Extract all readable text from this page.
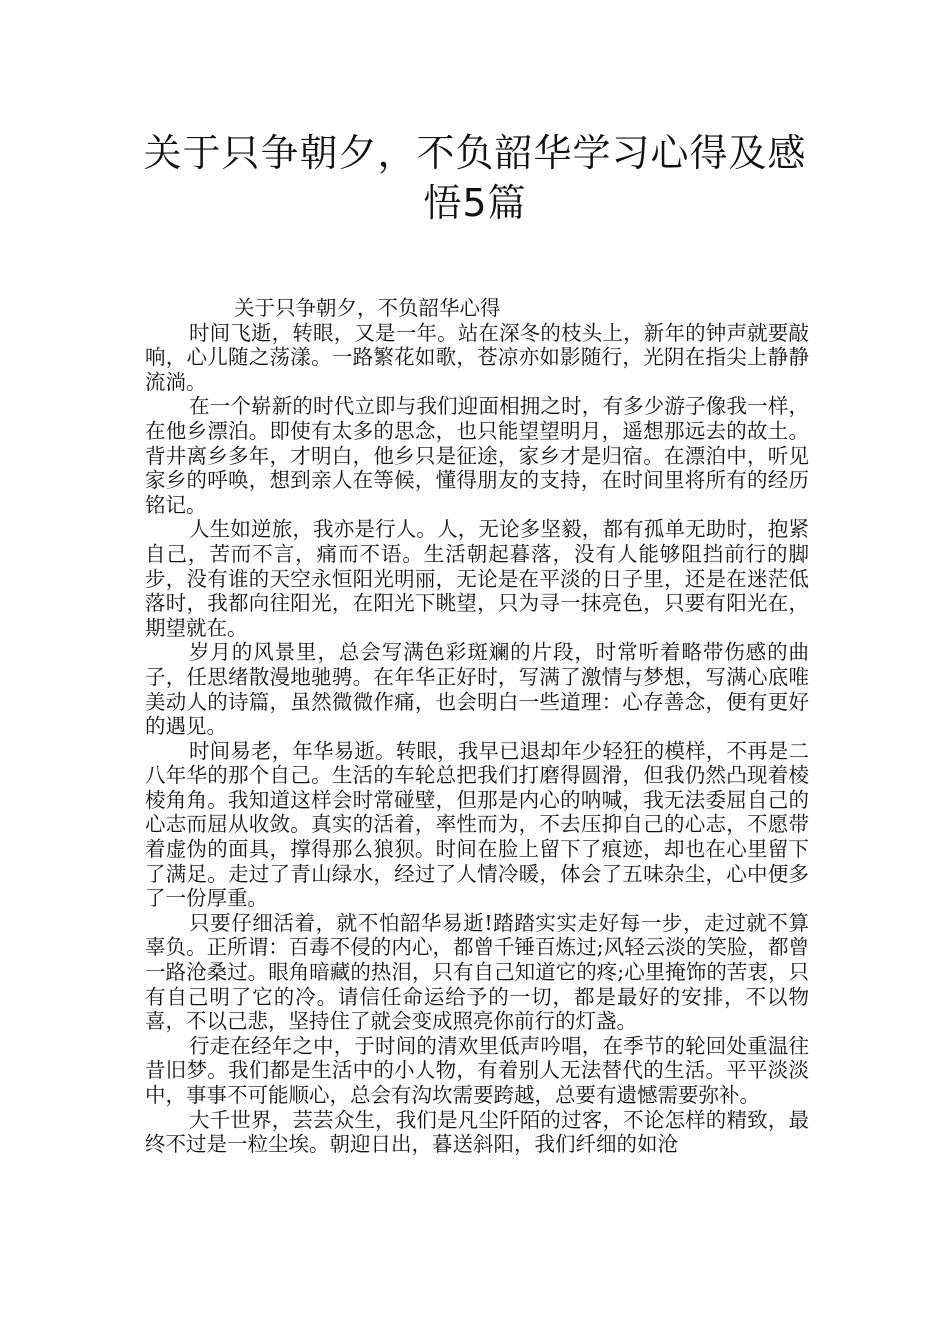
关于只争朝夕，不负韶华学习心得及感
悟5篇

关于只争朝夕，不负韶华心得

时间飞逝，转眼，又是一年。站在深冬的枝头上，新年的钟声就要敲响，心儿随之荡漾。一路繁花如歌，苍凉亦如影随行，光阴在指尖上静静流淌。

在一个崭新的时代立即与我们迎面相拥之时，有多少游子像我一样，在他乡漂泊。即使有太多的思念，也只能望望明月，遥想那远去的故土。背井离乡多年，才明白，他乡只是征途，家乡才是归宿。在漂泊中，听见家乡的呼唤，想到亲人在等候，懂得朋友的支持，在时间里将所有的经历铭记。

人生如逆旅，我亦是行人。人，无论多坚毅，都有孤单无助时，抱紧自己，苦而不言，痛而不语。生活朝起暮落，没有人能够阻挡前行的脚步，没有谁的天空永恒阳光明丽，无论是在平淡的日子里，还是在迷茫低落时，我都向往阳光，在阳光下眺望，只为寻一抹亮色，只要有阳光在，期望就在。

岁月的风景里，总会写满色彩斑斓的片段，时常听着略带伤感的曲子，任思绪散漫地驰骋。在年华正好时，写满了激情与梦想，写满心底唯美动人的诗篇，虽然微微作痛，也会明白一些道理：心存善念，便有更好的遇见。

时间易老，年华易逝。转眼，我早已退却年少轻狂的模样，不再是二八年华的那个自己。生活的车轮总把我们打磨得圆滑，但我仍然凸现着棱棱角角。我知道这样会时常碰壁，但那是内心的呐喊，我无法委屈自己的心志而屈从收敛。真实的活着，率性而为，不去压抑自己的心志，不愿带着虚伪的面具，撑得那么狼狈。时间在脸上留下了痕迹，却也在心里留下了满足。走过了青山绿水，经过了人情冷暖，体会了五味杂尘，心中便多了一份厚重。

只要仔细活着，就不怕韶华易逝!踏踏实实走好每一步，走过就不算辜负。正所谓：百毒不侵的内心，都曾千锤百炼过;风轻云淡的笑脸，都曾一路沧桑过。眼角暗藏的热泪，只有自己知道它的疼;心里掩饰的苦衷，只有自己明了它的冷。请信任命运给予的一切，都是最好的安排，不以物喜，不以己悲，坚持住了就会变成照亮你前行的灯盏。

行走在经年之中，于时间的清欢里低声吟唱，在季节的轮回处重温往昔旧梦。我们都是生活中的小人物，有着别人无法替代的生活。平平淡淡中，事事不可能顺心，总会有沟坎需要跨越，总要有遗憾需要弥补。

大千世界，芸芸众生，我们是凡尘阡陌的过客，不论怎样的精致，最终不过是一粒尘埃。朝迎日出，暮送斜阳，我们纤细的如沧
